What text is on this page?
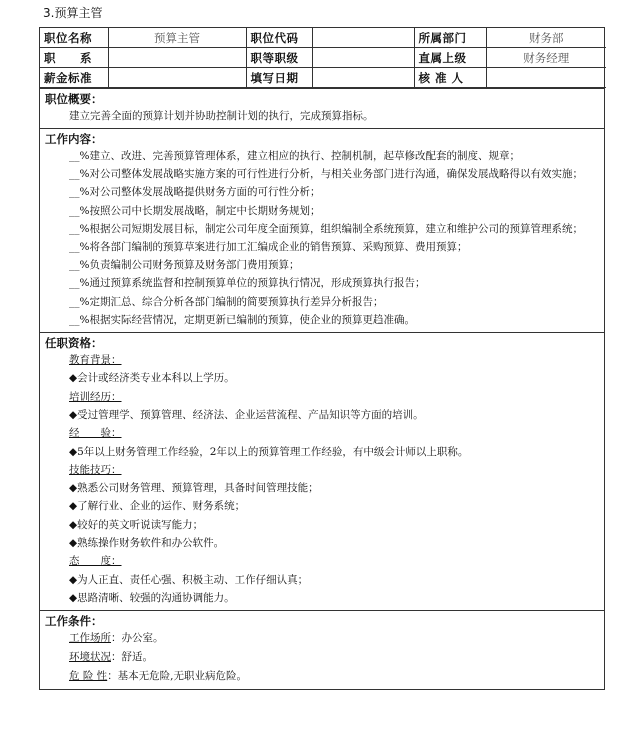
3.预算主管
职位名称	预算主管	职位代码		所属部门	财务部
职　　系		职等职级		直属上级	财务经理
薪金标准		填写日期		核 准 人	
职位概要：
建立完善全面的预算计划并协助控制计划的执行，完成预算指标。
工作内容：
__%建立、改进、完善预算管理体系，建立相应的执行、控制机制，起草修改配套的制度、规章；
__%对公司整体发展战略实施方案的可行性进行分析，与相关业务部门进行沟通，确保发展战略得以有效实施；
__%对公司整体发展战略提供财务方面的可行性分析；
__%按照公司中长期发展战略，制定中长期财务规划；
__%根据公司短期发展目标，制定公司年度全面预算，组织编制全系统预算，建立和维护公司的预算管理系统；
__%将各部门编制的预算草案进行加工汇编成企业的销售预算、采购预算、费用预算；
__%负责编制公司财务预算及财务部门费用预算；
__%通过预算系统监督和控制预算单位的预算执行情况，形成预算执行报告；
__%定期汇总、综合分析各部门编制的简要预算执行差异分析报告；
__%根据实际经营情况，定期更新已编制的预算，使企业的预算更趋准确。
任职资格：
教育背景：
◆会计或经济类专业本科以上学历。
培训经历：
◆受过管理学、预算管理、经济法、企业运营流程、产品知识等方面的培训。
经　　验：
◆5年以上财务管理工作经验，2年以上的预算管理工作经验，有中级会计师以上职称。
技能技巧：
◆熟悉公司财务管理、预算管理，具备时间管理技能；
◆了解行业、企业的运作、财务系统；
◆较好的英文听说读写能力；
◆熟练操作财务软件和办公软件。
态　　度：
◆为人正直、责任心强、积极主动、工作仔细认真；
◆思路清晰、较强的沟通协调能力。
工作条件：
工作场所：办公室。
环境状况：舒适。
危 险 性：基本无危险,无职业病危险。
